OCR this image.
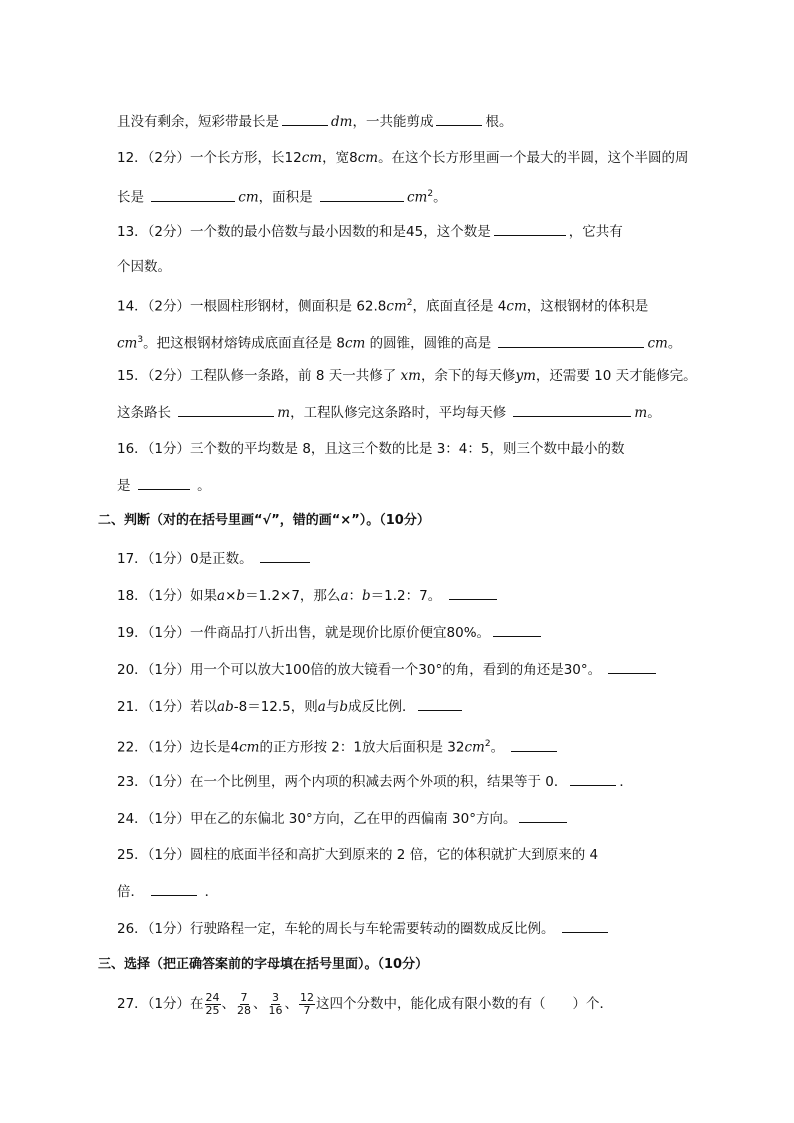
且没有剩余，短彩带最长是	dm，一共能剪成	根。
12．（2分）一个长方形，长12cm，宽8cm。在这个长方形里画一个最大的半圆，这个半圆的周
长是	cm，面积是	$cm^2$。
13．（2分）一个数的最小倍数与最小因数的和是45，这个数是	，它共有
个因数。
14．（2分）一根圆柱形钢材，侧面积是 $62.8cm^2$，底面直径是 4cm，这根钢材的体积是
$cm^3$。把这根钢材熔铸成底面直径是 8cm 的圆锥，圆锥的高是	cm。
15．（2分）工程队修一条路，前 8 天一共修了 xm，余下的每天修ym，还需要 10 天才能修完。
这条路长	m，工程队修完这条路时，平均每天修	m。
16．（1分）三个数的平均数是 8，且这三个数的比是 3：4：5，则三个数中最小的数
是	。
二、判断（对的在括号里画“√”，错的画“×”）。（10分）
17．（1分）0是正数。
18．（1分）如果a×b＝1.2×7，那么a：b＝1.2：7。
19．（1分）一件商品打八折出售，就是现价比原价便宜80%。
20．（1分）用一个可以放大100倍的放大镜看一个30°的角，看到的角还是30°。
21．（1分）若以ab-8＝12.5，则a与b成反比例．
22．（1分）边长是4cm的正方形按 2：1放大后面积是 $32cm^2$。
23．（1分）在一个比例里，两个内项的积减去两个外项的积，结果等于 0．	．
24．（1分）甲在乙的东偏北 30°方向，乙在甲的西偏南 30°方向。
25．（1分）圆柱的底面半径和高扩大到原来的 2 倍，它的体积就扩大到原来的 4
倍．	．
26．（1分）行驶路程一定，车轮的周长与车轮需要转动的圈数成反比例。
三、选择（把正确答案前的字母填在括号里面）。（10分）
27．（1分）在 $\frac{24}{25}$ 、 $\frac{7}{28}$ 、 $\frac{3}{16}$ 、 $\frac{12}{7}$ 这四个分数中，能化成有限小数的有（　　）个．
